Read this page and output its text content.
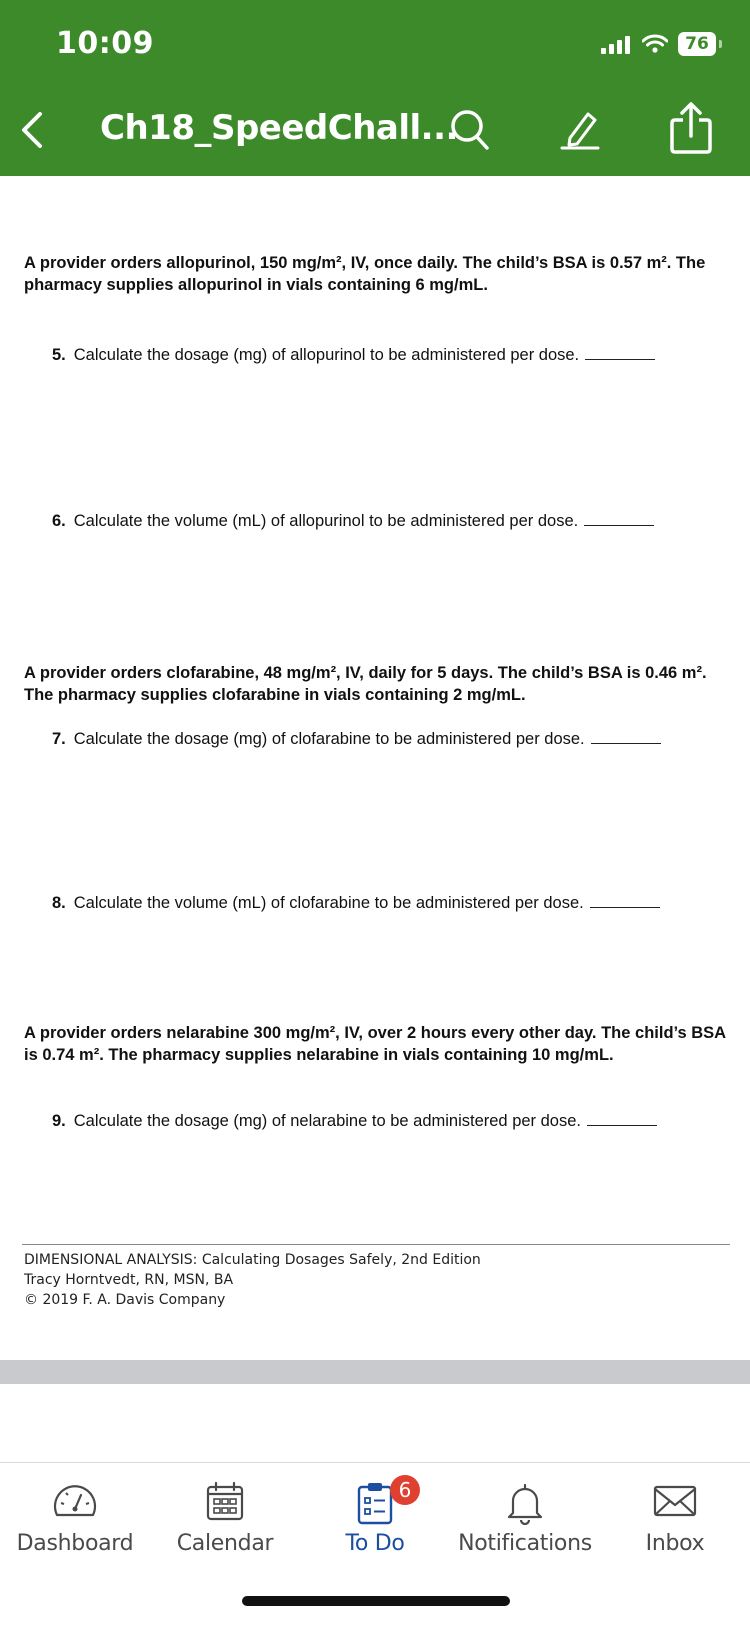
10:09	76
Ch18_SpeedChall...
A provider orders allopurinol, 150 mg/m², IV, once daily. The child’s BSA is 0.57 m². The pharmacy supplies allopurinol in vials containing 6 mg/mL.
5. Calculate the dosage (mg) of allopurinol to be administered per dose.
6. Calculate the volume (mL) of allopurinol to be administered per dose.
A provider orders clofarabine, 48 mg/m², IV, daily for 5 days. The child’s BSA is 0.46 m². The pharmacy supplies clofarabine in vials containing 2 mg/mL.
7. Calculate the dosage (mg) of clofarabine to be administered per dose.
8. Calculate the volume (mL) of clofarabine to be administered per dose.
A provider orders nelarabine 300 mg/m², IV, over 2 hours every other day. The child’s BSA is 0.74 m². The pharmacy supplies nelarabine in vials containing 10 mg/mL.
9. Calculate the dosage (mg) of nelarabine to be administered per dose.
DIMENSIONAL ANALYSIS: Calculating Dosages Safely, 2nd Edition
Tracy Horntvedt, RN, MSN, BA
© 2019 F. A. Davis Company
Dashboard	Calendar
6
To Do	Notifications	Inbox
